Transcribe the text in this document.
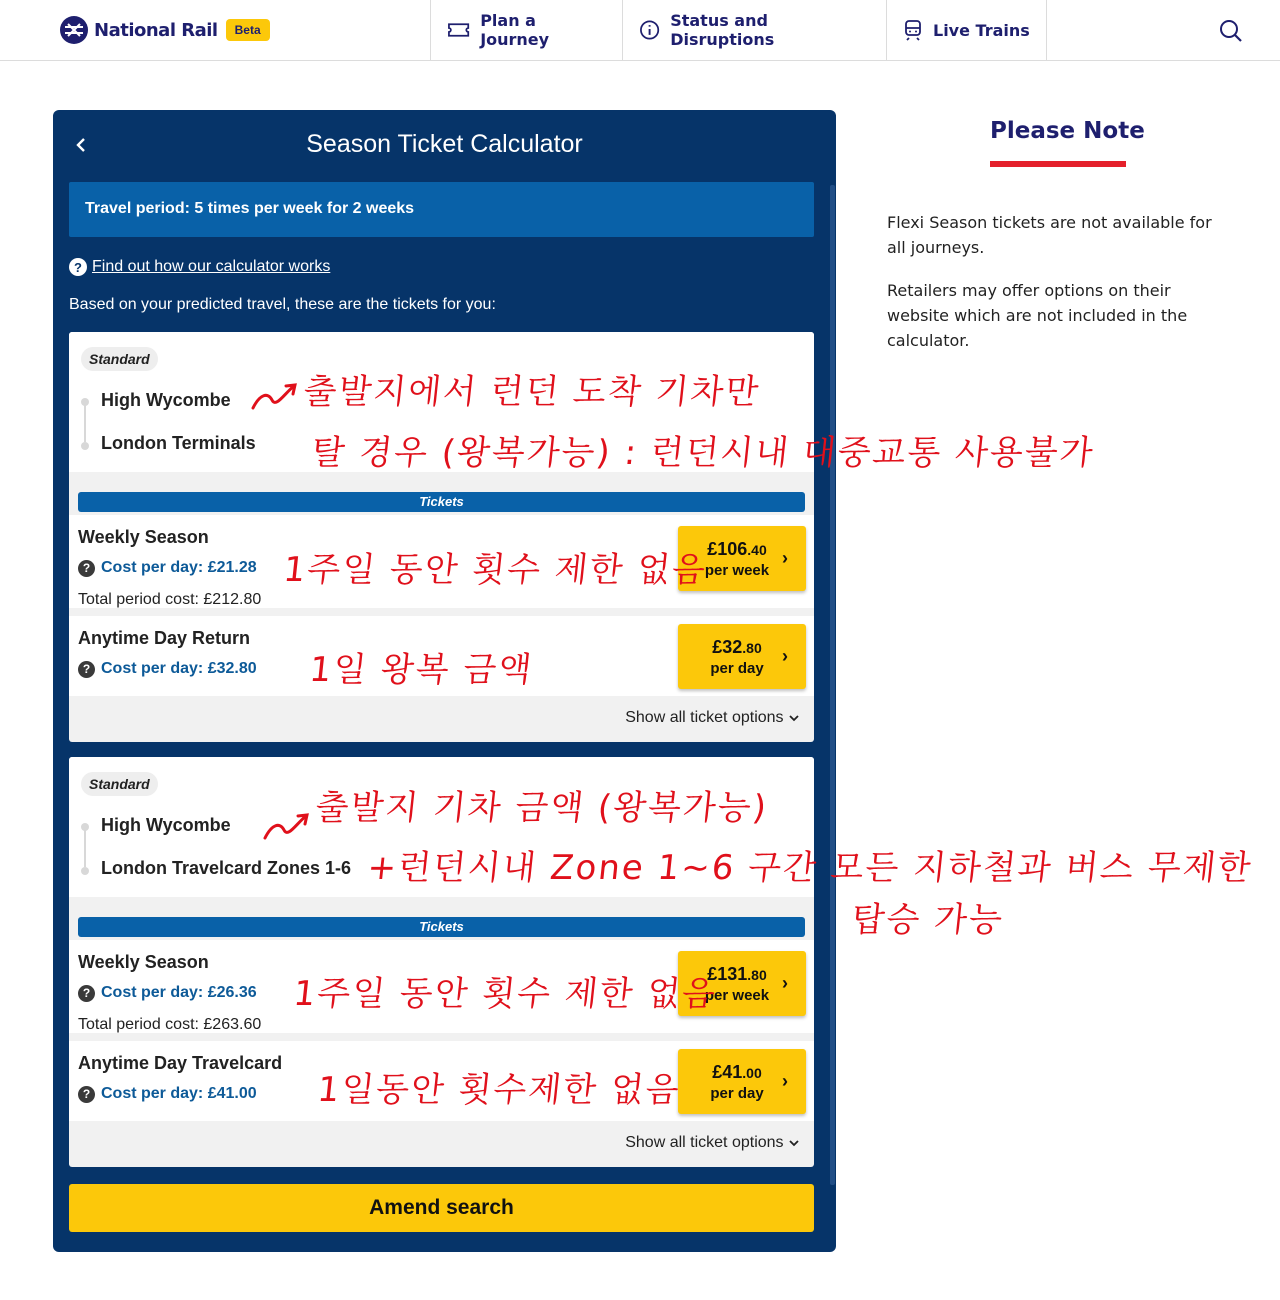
National Rail	Beta	Plan a Journey
Status and Disruptions	Live Trains
Season Ticket Calculator
Travel period: 5 times per week for 2 weeks
? Find out how our calculator works
Based on your predicted travel, these are the tickets for you:
Standard
High Wycombe
London Terminals
Tickets
Weekly Season
? Cost per day: £21.28
Total period cost: £212.80
£106.40
per week
›
Anytime Day Return
? Cost per day: £32.80
£32.80
per day
›
Show all ticket options
Standard
High Wycombe
London Travelcard Zones 1-6
Tickets
Weekly Season
? Cost per day: £26.36
Total period cost: £263.60
£131.80
per week
›
Anytime Day Travelcard
? Cost per day: £41.00
£41.00
per day
›
Show all ticket options
Amend search
Please Note

Flexi Season tickets are not available for all journeys.

Retailers may offer options on their website which are not included in the calculator.

출발지에서 런던 도착 기차만
탈 경우 (왕복가능) : 런던시내 대중교통 사용불가
1주일 동안 횟수 제한 없음
1일 왕복 금액
출발지 기차 금액 (왕복가능)
+런던시내 Zone 1~6 구간 모든 지하철과 버스 무제한
탑승 가능
1주일 동안 횟수 제한 없음
1일동안 횟수제한 없음
